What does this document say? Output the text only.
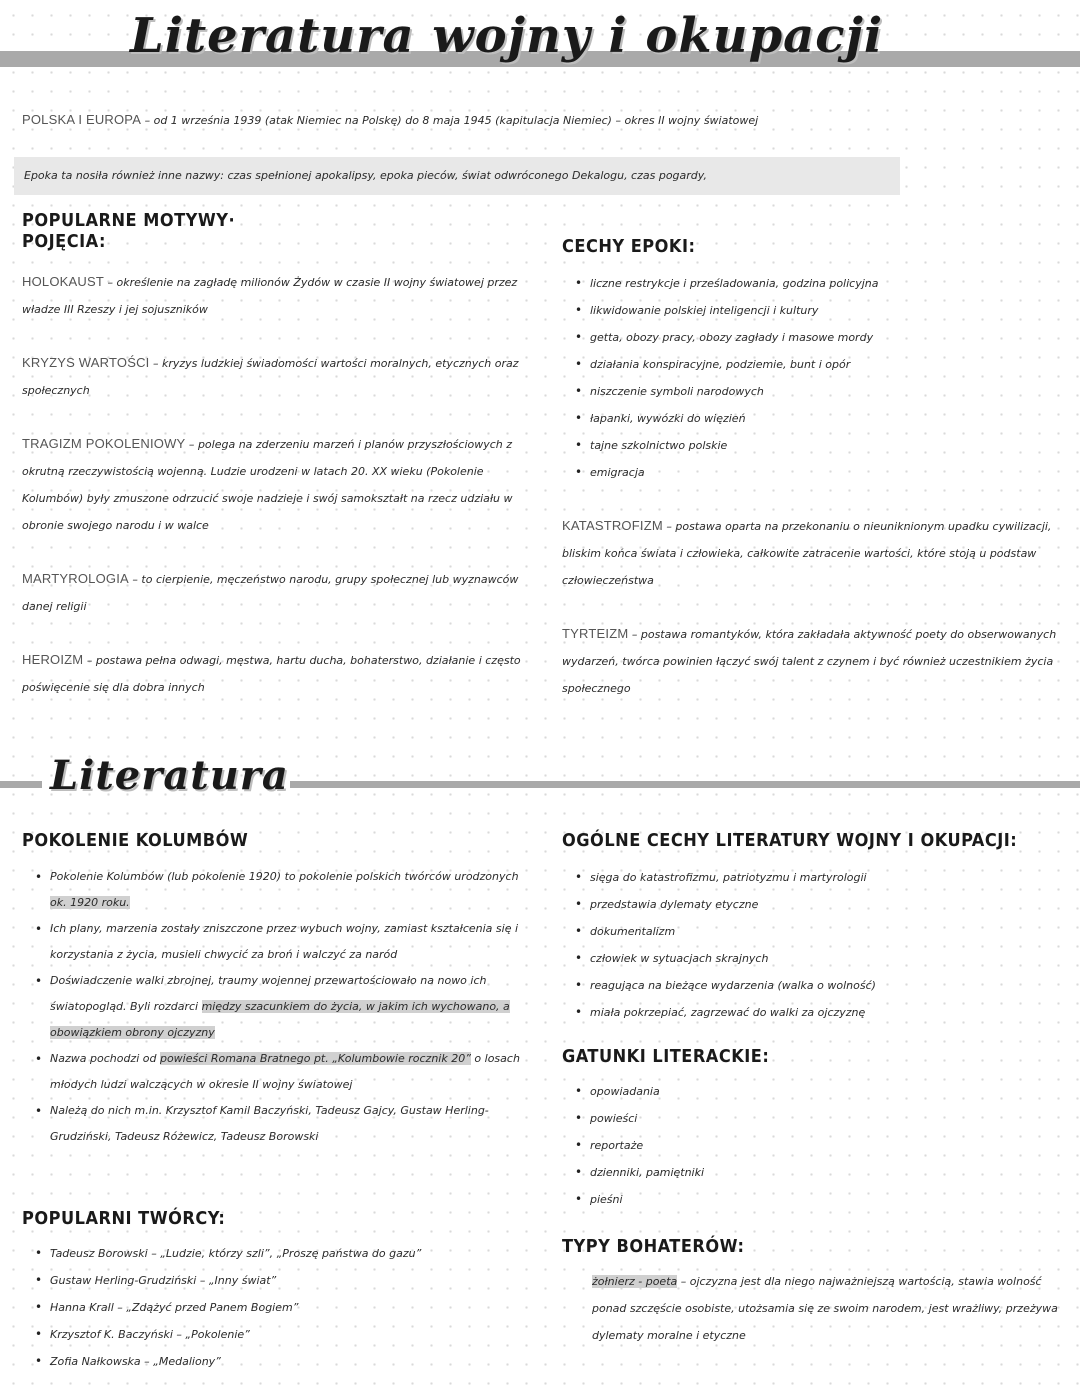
Literatura wojny i okupacji
POLSKA I EUROPA – od 1 września 1939 (atak Niemiec na Polskę) do 8 maja 1945 (kapitulacja Niemiec) – okres II wojny światowej
Epoka ta nosiła również inne nazwy: czas spełnionej apokalipsy, epoka pieców, świat odwróconego Dekalogu, czas pogardy,
POPULARNE MOTYWY·
POJĘCIA:
HOLOKAUST – określenie na zagładę milionów Żydów w czasie II wojny światowej przez władze III Rzeszy i jej sojuszników
KRYZYS WARTOŚCI – kryzys ludzkiej świadomości wartości moralnych, etycznych oraz społecznych
TRAGIZM POKOLENIOWY – polega na zderzeniu marzeń i planów przyszłościowych z okrutną rzeczywistością wojenną. Ludzie urodzeni w latach 20. XX wieku (Pokolenie Kolumbów) były zmuszone odrzucić swoje nadzieje i swój samokształt na rzecz udziału w obronie swojego narodu i w walce
MARTYROLOGIA – to cierpienie, męczeństwo narodu, grupy społecznej lub wyznawców danej religii
HEROIZM – postawa pełna odwagi, męstwa, hartu ducha, bohaterstwo, działanie i często poświęcenie się dla dobra innych
CECHY EPOKI:
• liczne restrykcje i prześladowania, godzina policyjna
• likwidowanie polskiej inteligencji i kultury
• getta, obozy pracy, obozy zagłady i masowe mordy
• działania konspiracyjne, podziemie, bunt i opór
• niszczenie symboli narodowych
• łapanki, wywózki do więzień
• tajne szkolnictwo polskie
• emigracja
KATASTROFIZM – postawa oparta na przekonaniu o nieuniknionym upadku cywilizacji, bliskim końca świata i człowieka, całkowite zatracenie wartości, które stoją u podstaw człowieczeństwa
TYRTEIZM – postawa romantyków, która zakładała aktywność poety do obserwowanych wydarzeń, twórca powinien łączyć swój talent z czynem i być również uczestnikiem życia społecznego
Literatura
POKOLENIE KOLUMBÓW
• Pokolenie Kolumbów (lub pokolenie 1920) to pokolenie polskich twórców urodzonych ok. 1920 roku.
• Ich plany, marzenia zostały zniszczone przez wybuch wojny, zamiast kształcenia się i korzystania z życia, musieli chwycić za broń i walczyć za naród
• Doświadczenie walki zbrojnej, traumy wojennej przewartościowało na nowo ich światopogląd. Byli rozdarci między szacunkiem do życia, w jakim ich wychowano, a obowiązkiem obrony ojczyzny
• Nazwa pochodzi od powieści Romana Bratnego pt. „Kolumbowie rocznik 20” o losach młodych ludzi walczących w okresie II wojny światowej
• Należą do nich m.in. Krzysztof Kamil Baczyński, Tadeusz Gajcy, Gustaw Herling-Grudziński, Tadeusz Różewicz, Tadeusz Borowski
POPULARNI TWÓRCY:
• Tadeusz Borowski – „Ludzie, którzy szli”, „Proszę państwa do gazu”
• Gustaw Herling-Grudziński – „Inny świat”
• Hanna Krall – „Zdążyć przed Panem Bogiem”
• Krzysztof K. Baczyński – „Pokolenie”
• Zofia Nałkowska – „Medaliony”
OGÓLNE CECHY LITERATURY WOJNY I OKUPACJI:
• sięga do katastrofizmu, patriotyzmu i martyrologii
• przedstawia dylematy etyczne
• dokumentalizm
• człowiek w sytuacjach skrajnych
• reagująca na bieżące wydarzenia (walka o wolność)
• miała pokrzepiać, zagrzewać do walki za ojczyznę
GATUNKI LITERACKIE:
• opowiadania
• powieści
• reportaże
• dzienniki, pamiętniki
• pieśni
TYPY BOHATERÓW:
żołnierz - poeta – ojczyzna jest dla niego najważniejszą wartością, stawia wolność ponad szczęście osobiste, utożsamia się ze swoim narodem, jest wrażliwy, przeżywa dylematy moralne i etyczne
